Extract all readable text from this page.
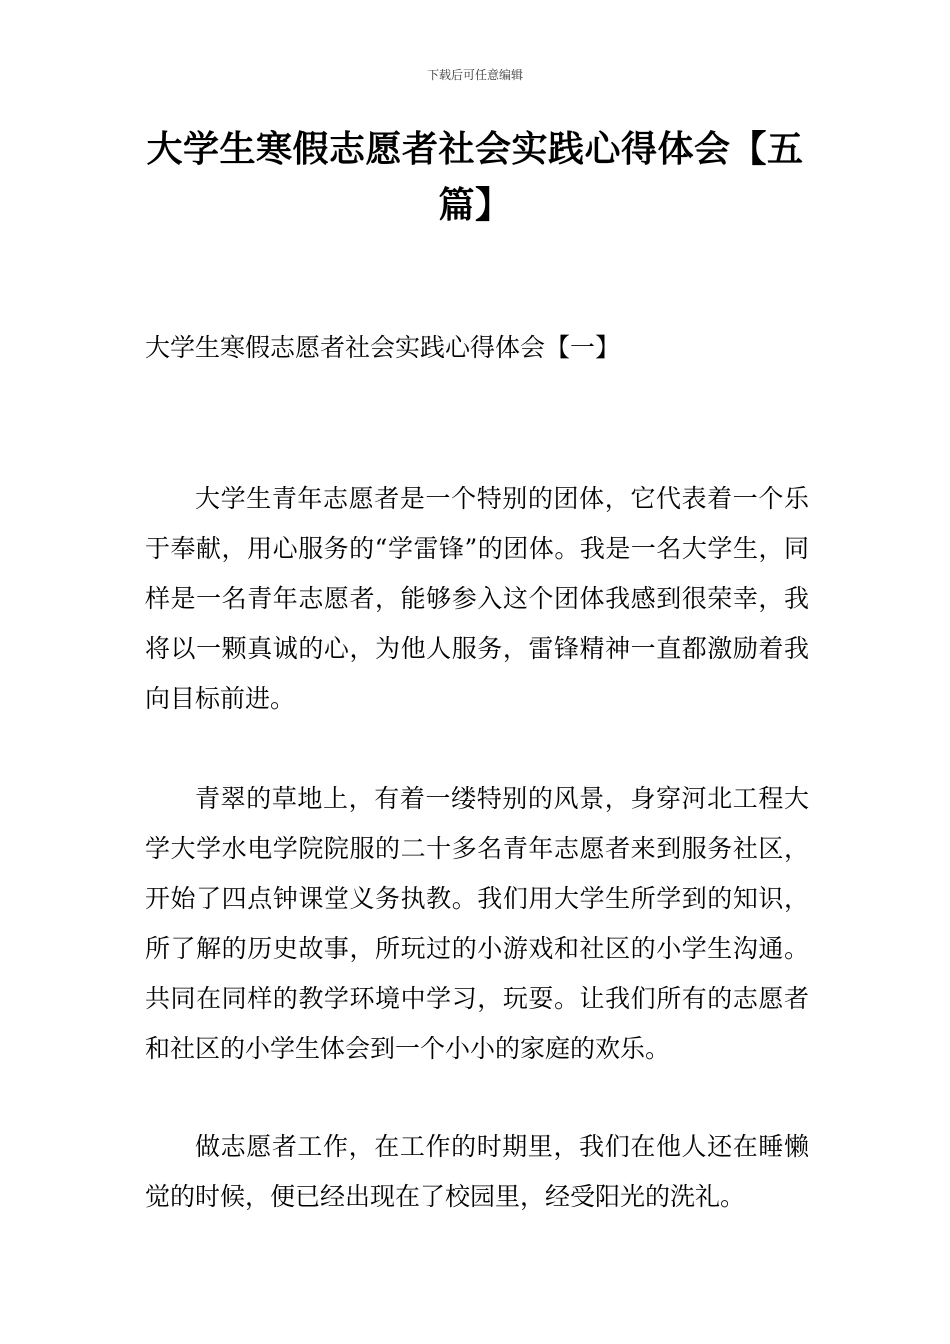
下载后可任意编辑
大学生寒假志愿者社会实践心得体会【五篇】
大学生寒假志愿者社会实践心得体会【一】

大学生青年志愿者是一个特别的团体，它代表着一个乐于奉献，用心服务的“学雷锋”的团体。我是一名大学生，同样是一名青年志愿者，能够参入这个团体我感到很荣幸，我将以一颗真诚的心，为他人服务，雷锋精神一直都激励着我向目标前进。

青翠的草地上，有着一缕特别的风景，身穿河北工程大学大学水电学院院服的二十多名青年志愿者来到服务社区，开始了四点钟课堂义务执教。我们用大学生所学到的知识，所了解的历史故事，所玩过的小游戏和社区的小学生沟通。共同在同样的教学环境中学习，玩耍。让我们所有的志愿者和社区的小学生体会到一个小小的家庭的欢乐。

做志愿者工作，在工作的时期里，我们在他人还在睡懒觉的时候，便已经出现在了校园里，经受阳光的洗礼。
